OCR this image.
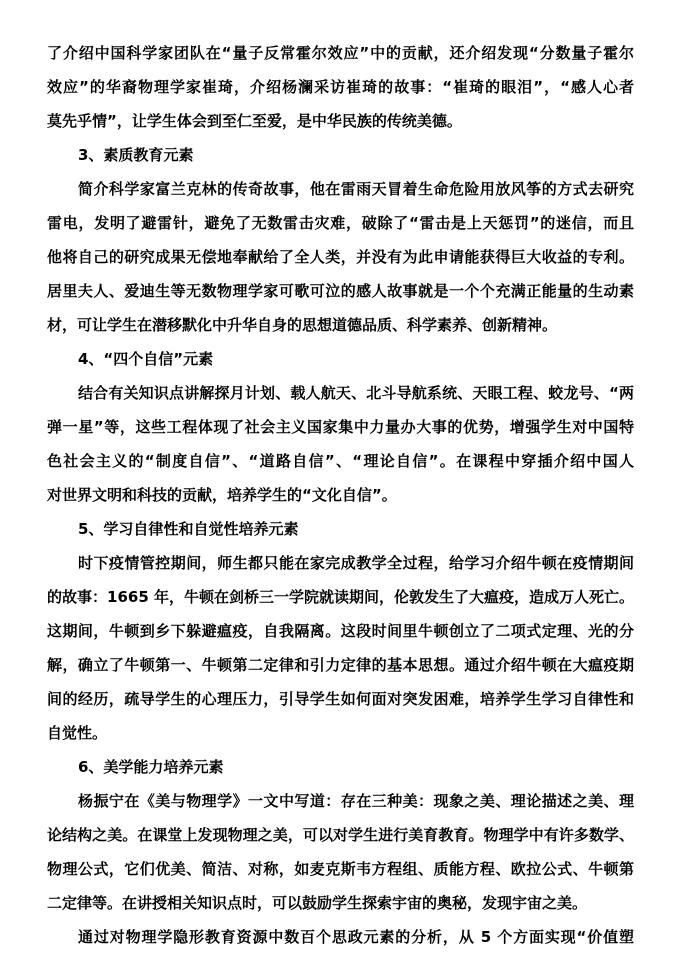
了介绍中国科学家团队在“量子反常霍尔效应”中的贡献，还介绍发现“分数量子霍尔
效应”的华裔物理学家崔琦，介绍杨澜采访崔琦的故事：“崔琦的眼泪”，“感人心者
莫先乎情”，让学生体会到至仁至爱，是中华民族的传统美德。
3、素质教育元素
简介科学家富兰克林的传奇故事，他在雷雨天冒着生命危险用放风筝的方式去研究
雷电，发明了避雷针，避免了无数雷击灾难，破除了“雷击是上天惩罚”的迷信，而且
他将自己的研究成果无偿地奉献给了全人类，并没有为此申请能获得巨大收益的专利。
居里夫人、爱迪生等无数物理学家可歌可泣的感人故事就是一个个充满正能量的生动素
材，可让学生在潜移默化中升华自身的思想道德品质、科学素养、创新精神。
4、“四个自信”元素
结合有关知识点讲解探月计划、载人航天、北斗导航系统、天眼工程、蛟龙号、“两
弹一星”等，这些工程体现了社会主义国家集中力量办大事的优势，增强学生对中国特
色社会主义的“制度自信”、“道路自信”、“理论自信”。在课程中穿插介绍中国人
对世界文明和科技的贡献，培养学生的“文化自信”。
5、学习自律性和自觉性培养元素
时下疫情管控期间，师生都只能在家完成教学全过程，给学习介绍牛顿在疫情期间
的故事：1665 年，牛顿在剑桥三一学院就读期间，伦敦发生了大瘟疫，造成万人死亡。
这期间，牛顿到乡下躲避瘟疫，自我隔离。这段时间里牛顿创立了二项式定理、光的分
解，确立了牛顿第一、牛顿第二定律和引力定律的基本思想。通过介绍牛顿在大瘟疫期
间的经历，疏导学生的心理压力，引导学生如何面对突发困难，培养学生学习自律性和
自觉性。
6、美学能力培养元素
杨振宁在《美与物理学》一文中写道：存在三种美：现象之美、理论描述之美、理
论结构之美。在课堂上发现物理之美，可以对学生进行美育教育。物理学中有许多数学、
物理公式，它们优美、简洁、对称，如麦克斯韦方程组、质能方程、欧拉公式、牛顿第
二定律等。在讲授相关知识点时，可以鼓励学生探索宇宙的奥秘，发现宇宙之美。
通过对物理学隐形教育资源中数百个思政元素的分析，从 5 个方面实现“价值塑
